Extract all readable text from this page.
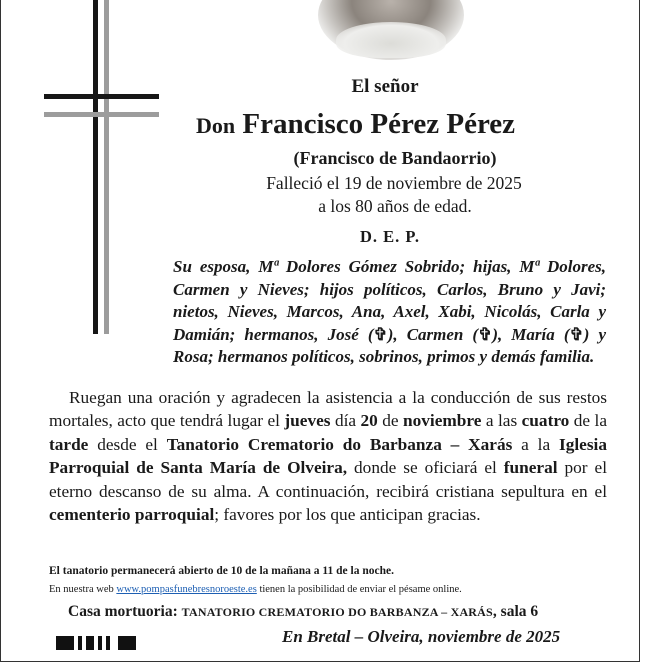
El señor
Don Francisco Pérez Pérez
(Francisco de Bandaorrio)
Falleció el 19 de noviembre de 2025
a los 80 años de edad.
D. E. P.
Su esposa, Mª Dolores Gómez Sobrido; hijas, Mª Dolores, Carmen y Nieves; hijos políticos, Carlos, Bruno y Javi; nietos, Nieves, Marcos, Ana, Axel, Xabi, Nicolás, Carla y Damián; hermanos, José (✞), Carmen (✞), María (✞) y Rosa; hermanos políticos, sobrinos, primos y demás familia.
Ruegan una oración y agradecen la asistencia a la conducción de sus restos mortales, acto que tendrá lugar el jueves día 20 de noviembre a las cuatro de la tarde desde el Tanatorio Crematorio do Barbanza – Xarás a la Iglesia Parroquial de Santa María de Olveira, donde se oficiará el funeral por el eterno descanso de su alma. A continuación, recibirá cristiana sepultura en el cementerio parroquial; favores por los que anticipan gracias.
El tanatorio permanecerá abierto de 10 de la mañana a 11 de la noche.
En nuestra web www.pompasfunebresnoroeste.es tienen la posibilidad de enviar el pésame online.
Casa mortuoria: TANATORIO CREMATORIO DO BARBANZA – XARÁS, sala 6
En Bretal – Olveira, noviembre de 2025
